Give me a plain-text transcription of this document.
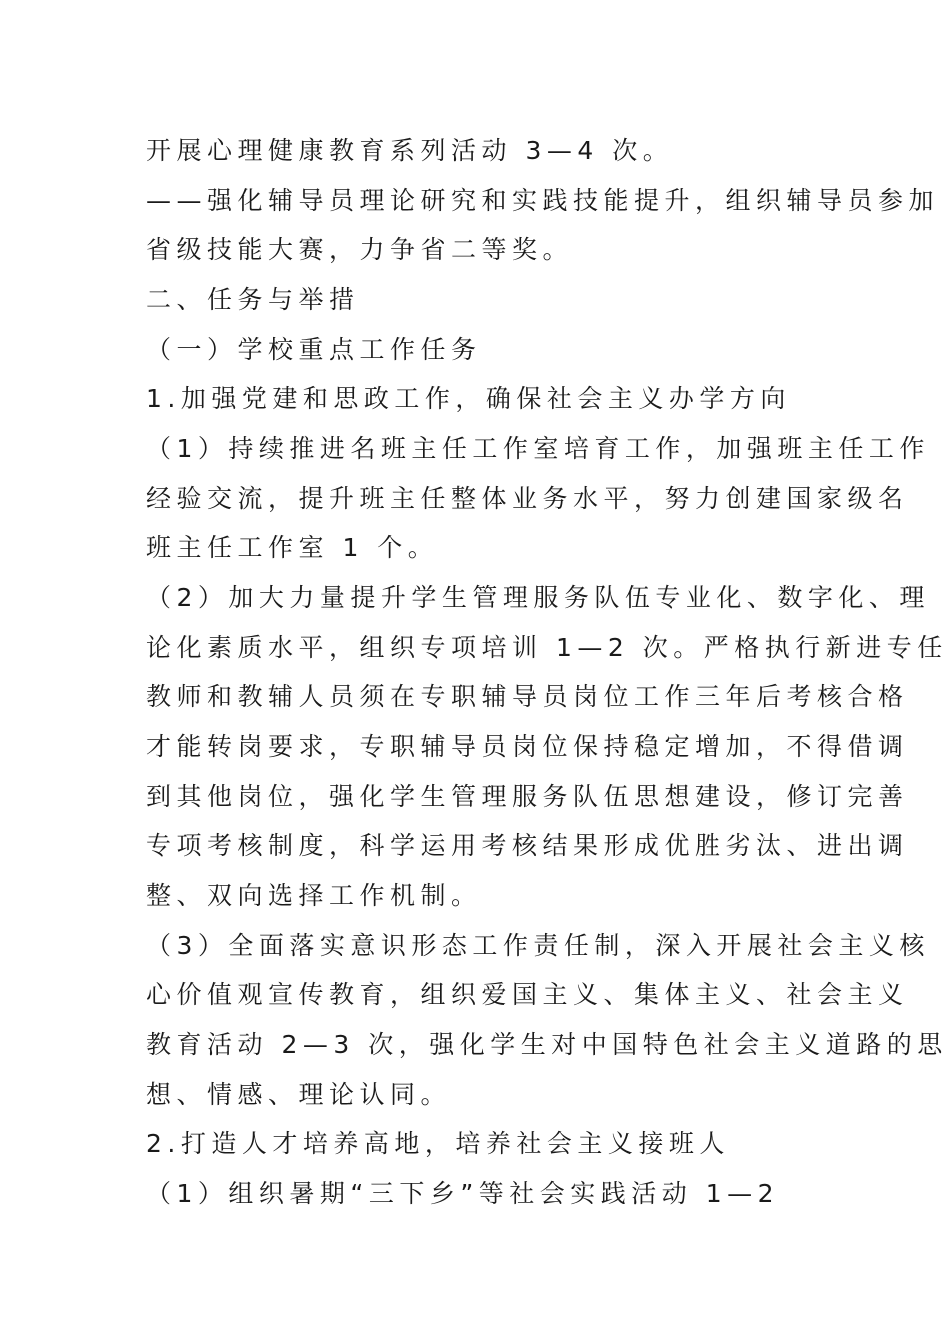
开展心理健康教育系列活动 3—4 次。
——强化辅导员理论研究和实践技能提升，组织辅导员参加
省级技能大赛，力争省二等奖。
二、任务与举措
（一）学校重点工作任务
1.加强党建和思政工作，确保社会主义办学方向
（1）持续推进名班主任工作室培育工作，加强班主任工作
经验交流，提升班主任整体业务水平，努力创建国家级名
班主任工作室 1 个。
（2）加大力量提升学生管理服务队伍专业化、数字化、理
论化素质水平，组织专项培训 1—2 次。严格执行新进专任
教师和教辅人员须在专职辅导员岗位工作三年后考核合格
才能转岗要求，专职辅导员岗位保持稳定增加，不得借调
到其他岗位，强化学生管理服务队伍思想建设，修订完善
专项考核制度，科学运用考核结果形成优胜劣汰、进出调
整、双向选择工作机制。
（3）全面落实意识形态工作责任制，深入开展社会主义核
心价值观宣传教育，组织爱国主义、集体主义、社会主义
教育活动 2—3 次，强化学生对中国特色社会主义道路的思
想、情感、理论认同。
2.打造人才培养高地，培养社会主义接班人
（1）组织暑期“三下乡”等社会实践活动 1—2
